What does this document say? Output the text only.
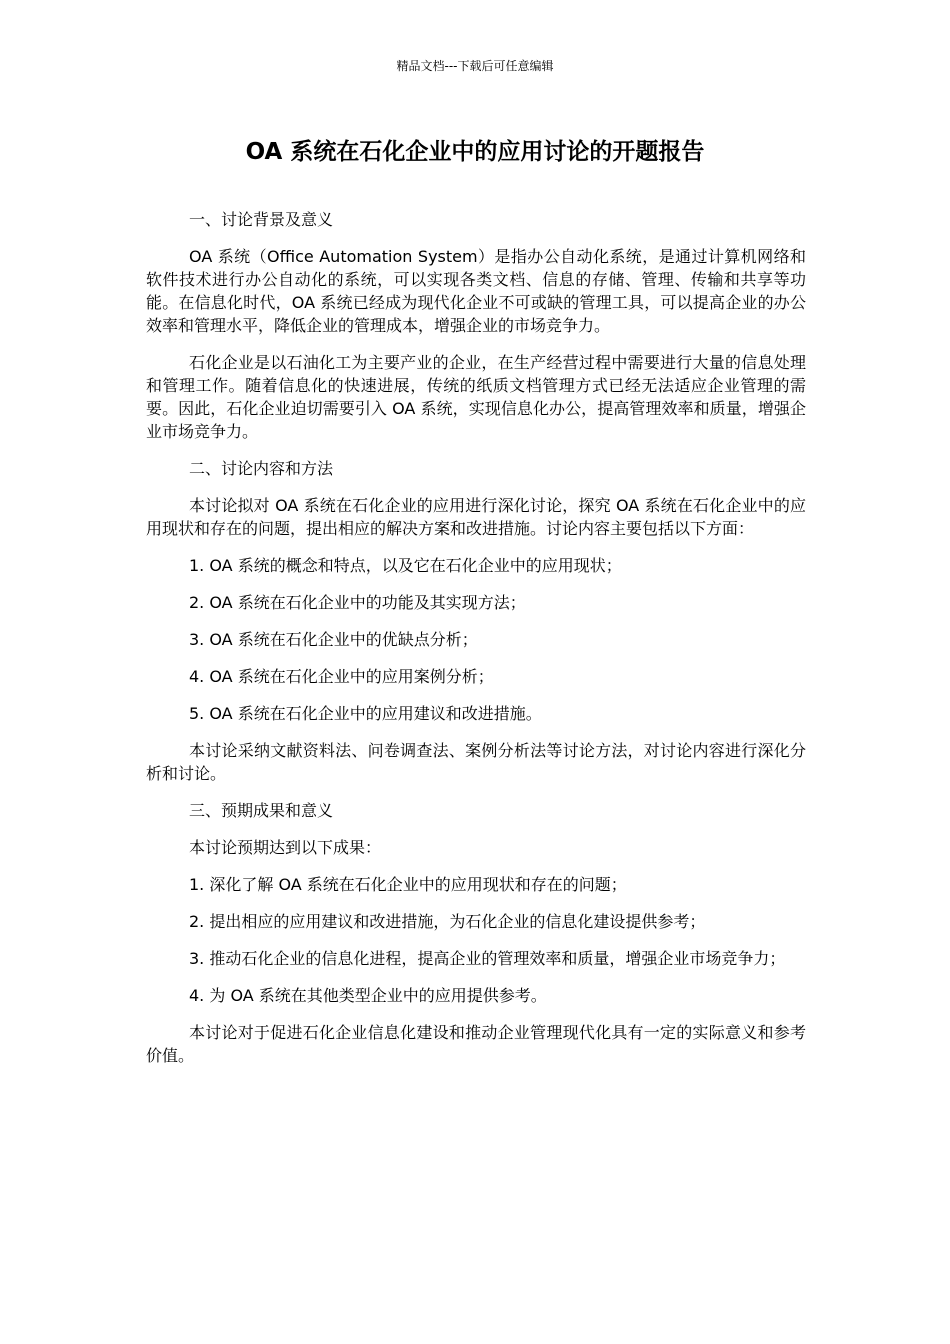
精品文档---下载后可任意编辑
OA 系统在石化企业中的应用讨论的开题报告

一、讨论背景及意义

OA 系统（Office Automation System）是指办公自动化系统，是通过计算机网络和软件技术进行办公自动化的系统，可以实现各类文档、信息的存储、管理、传输和共享等功能。在信息化时代，OA 系统已经成为现代化企业不可或缺的管理工具，可以提高企业的办公效率和管理水平，降低企业的管理成本，增强企业的市场竞争力。

石化企业是以石油化工为主要产业的企业，在生产经营过程中需要进行大量的信息处理和管理工作。随着信息化的快速进展，传统的纸质文档管理方式已经无法适应企业管理的需要。因此，石化企业迫切需要引入 OA 系统，实现信息化办公，提高管理效率和质量，增强企业市场竞争力。

二、讨论内容和方法

本讨论拟对 OA 系统在石化企业的应用进行深化讨论，探究 OA 系统在石化企业中的应用现状和存在的问题，提出相应的解决方案和改进措施。讨论内容主要包括以下方面：

1. OA 系统的概念和特点，以及它在石化企业中的应用现状；

2. OA 系统在石化企业中的功能及其实现方法；

3. OA 系统在石化企业中的优缺点分析；

4. OA 系统在石化企业中的应用案例分析；

5. OA 系统在石化企业中的应用建议和改进措施。

本讨论采纳文献资料法、问卷调查法、案例分析法等讨论方法，对讨论内容进行深化分析和讨论。

三、预期成果和意义

本讨论预期达到以下成果：

1. 深化了解 OA 系统在石化企业中的应用现状和存在的问题；

2. 提出相应的应用建议和改进措施，为石化企业的信息化建设提供参考；

3. 推动石化企业的信息化进程，提高企业的管理效率和质量，增强企业市场竞争力；

4. 为 OA 系统在其他类型企业中的应用提供参考。

本讨论对于促进石化企业信息化建设和推动企业管理现代化具有一定的实际意义和参考价值。
